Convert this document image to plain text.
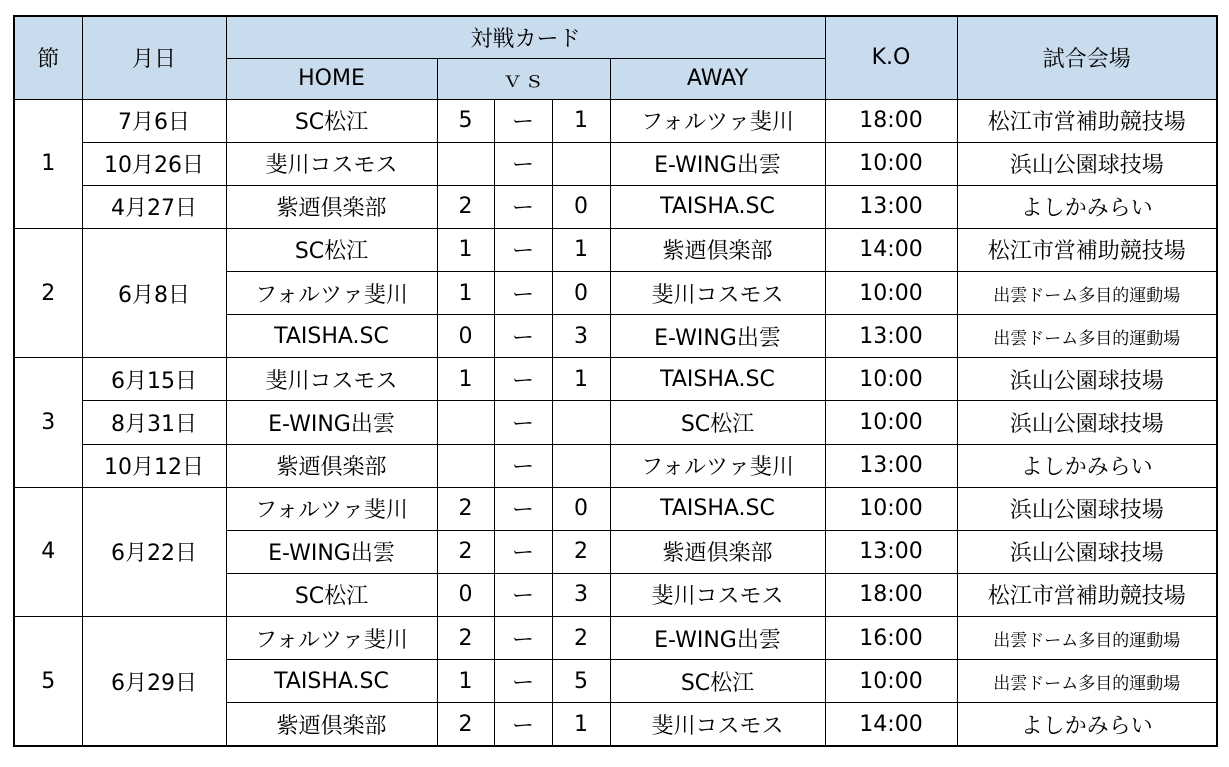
節	月日	対戦カード					K.O	試合会場
		HOME	ｖｓ			AWAY		
1	7月6日	SC松江	5	ー	1	フォルツァ斐川	18:00	松江市営補助競技場
	10月26日	斐川コスモス		ー		E-WING出雲	10:00	浜山公園球技場
	4月27日	紫迺倶楽部	2	ー	0	TAISHA.SC	13:00	よしかみらい
2	6月8日	SC松江	1	ー	1	紫迺倶楽部	14:00	松江市営補助競技場
		フォルツァ斐川	1	ー	0	斐川コスモス	10:00	出雲ドーム多目的運動場
		TAISHA.SC	0	ー	3	E-WING出雲	13:00	出雲ドーム多目的運動場
3	6月15日	斐川コスモス	1	ー	1	TAISHA.SC	10:00	浜山公園球技場
	8月31日	E-WING出雲		ー		SC松江	10:00	浜山公園球技場
	10月12日	紫迺倶楽部		ー		フォルツァ斐川	13:00	よしかみらい
4	6月22日	フォルツァ斐川	2	ー	0	TAISHA.SC	10:00	浜山公園球技場
		E-WING出雲	2	ー	2	紫迺倶楽部	13:00	浜山公園球技場
		SC松江	0	ー	3	斐川コスモス	18:00	松江市営補助競技場
5	6月29日	フォルツァ斐川	2	ー	2	E-WING出雲	16:00	出雲ドーム多目的運動場
		TAISHA.SC	1	ー	5	SC松江	10:00	出雲ドーム多目的運動場
		紫迺倶楽部	2	ー	1	斐川コスモス	14:00	よしかみらい
